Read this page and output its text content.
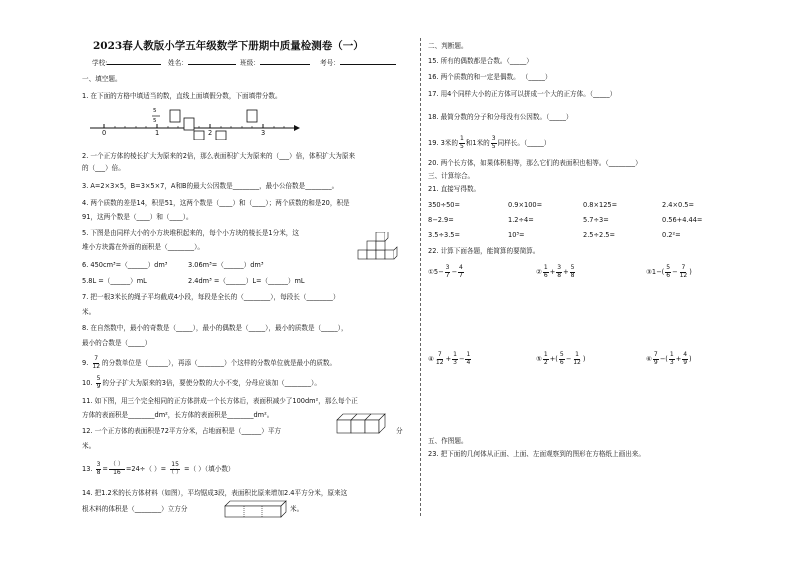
2023春人教版小学五年级数学下册期中质量检测卷（一）
学校:	姓名：	班级：	考号：
一、填空题。
1. 在下面的方格中填适当的数，直线上面填假分数，下面填带分数。
5
5
0	1	2	3
2. 一个正方体的棱长扩大为原来的2倍，那么表面积扩大为原来的（___）倍，体积扩大为原来
的（___）倍。
3. A=2×3×5，B=3×5×7，A和B的最大公因数是________，最小公倍数是________。
4. 两个质数的差是14，积是51，这两个数是（____）和（____）；两个质数的和是20，积是
91，这两个数是（____）和（____）。
5. 下图是由同样大小的小方块堆积起来的，每个小方块的棱长是1分米，这
堆小方块露在外面的面积是（________）。
6. 450cm³=（______）dm³	3.06m³=（______）dm³
5.8L =（______）mL	2.4dm³ =（______）L=（______）mL
7. 把一根3米长的绳子平均截成4小段，每段是全长的（________），每段长（________）
米。
8. 在自然数中，最小的奇数是（_____），最小的偶数是（_____），最小的质数是（_____），
最小的合数是（_____）
9. $\frac{7}{12}$ 的分数单位是（______），再添（________）个这样的分数单位就是最小的质数。
10. $\frac{5}{9}$ 的分子扩大为原来的3倍，要使分数的大小不变，分母应该加（________）。
11. 如下图，用三个完全相同的正方体拼成一个长方体后，表面积减少了100dm²，那么每个正
方体的表面积是________dm²，长方体的表面积是________dm²。
12. 一个正方体的表面积是72平方分米，占地面积是（______）平方	分
米。
13. $\frac{3}{8} = \frac{( )}{16} =24\div$（ ）= $\frac{15}{( )}$ =（ ）（填小数）
14. 把1.2米的长方体材料（如图），平均锯成3段，表面积比原来增加2.4平方分米，原来这
根木料的体积是（________）立方分	米。
二、判断题。
15. 所有的偶数都是合数。（_____）
16. 两个质数的和一定是偶数。 （_____）
17. 用4个同样大小的正方体可以拼成一个大的正方体。（_____）
18. 最简分数的分子和分母没有公因数。（_____）
19. 3米的 $\frac{1}{5}$ 和1米的 $\frac{3}{5}$ 同样长。（_____）
20. 两个长方体，如果体积相等，那么它们的表面积也相等。（________）
三、计算综合。
21. 直接写得数。
350÷50=	0.9×100=	0.8×125=	2.4×0.5=
8−2.9=	1.2÷4=	5.7÷3=	0.56+4.44=
3.5÷3.5=	10³=	2.5÷2.5=	0.2²=
22. 计算下面各题，能简算的要简算。
①5− $\frac{3}{7} - \frac{4}{7}$	② $\frac{1}{6} + \frac{3}{8} + \frac{5}{8}$	③1−( $\frac{5}{6} - \frac{7}{12}$ )
④ $\frac{7}{12} + \frac{1}{3} - \frac{1}{4}$	⑤ $\frac{1}{2}$ +( $\frac{5}{6} - \frac{1}{12}$ )	⑥ $\frac{7}{9}$ −( $\frac{1}{3} + \frac{4}{9}$ )
五、作图题。
23. 把下面的几何体从正面、上面、左面观察到的图形在方格纸上画出来。
